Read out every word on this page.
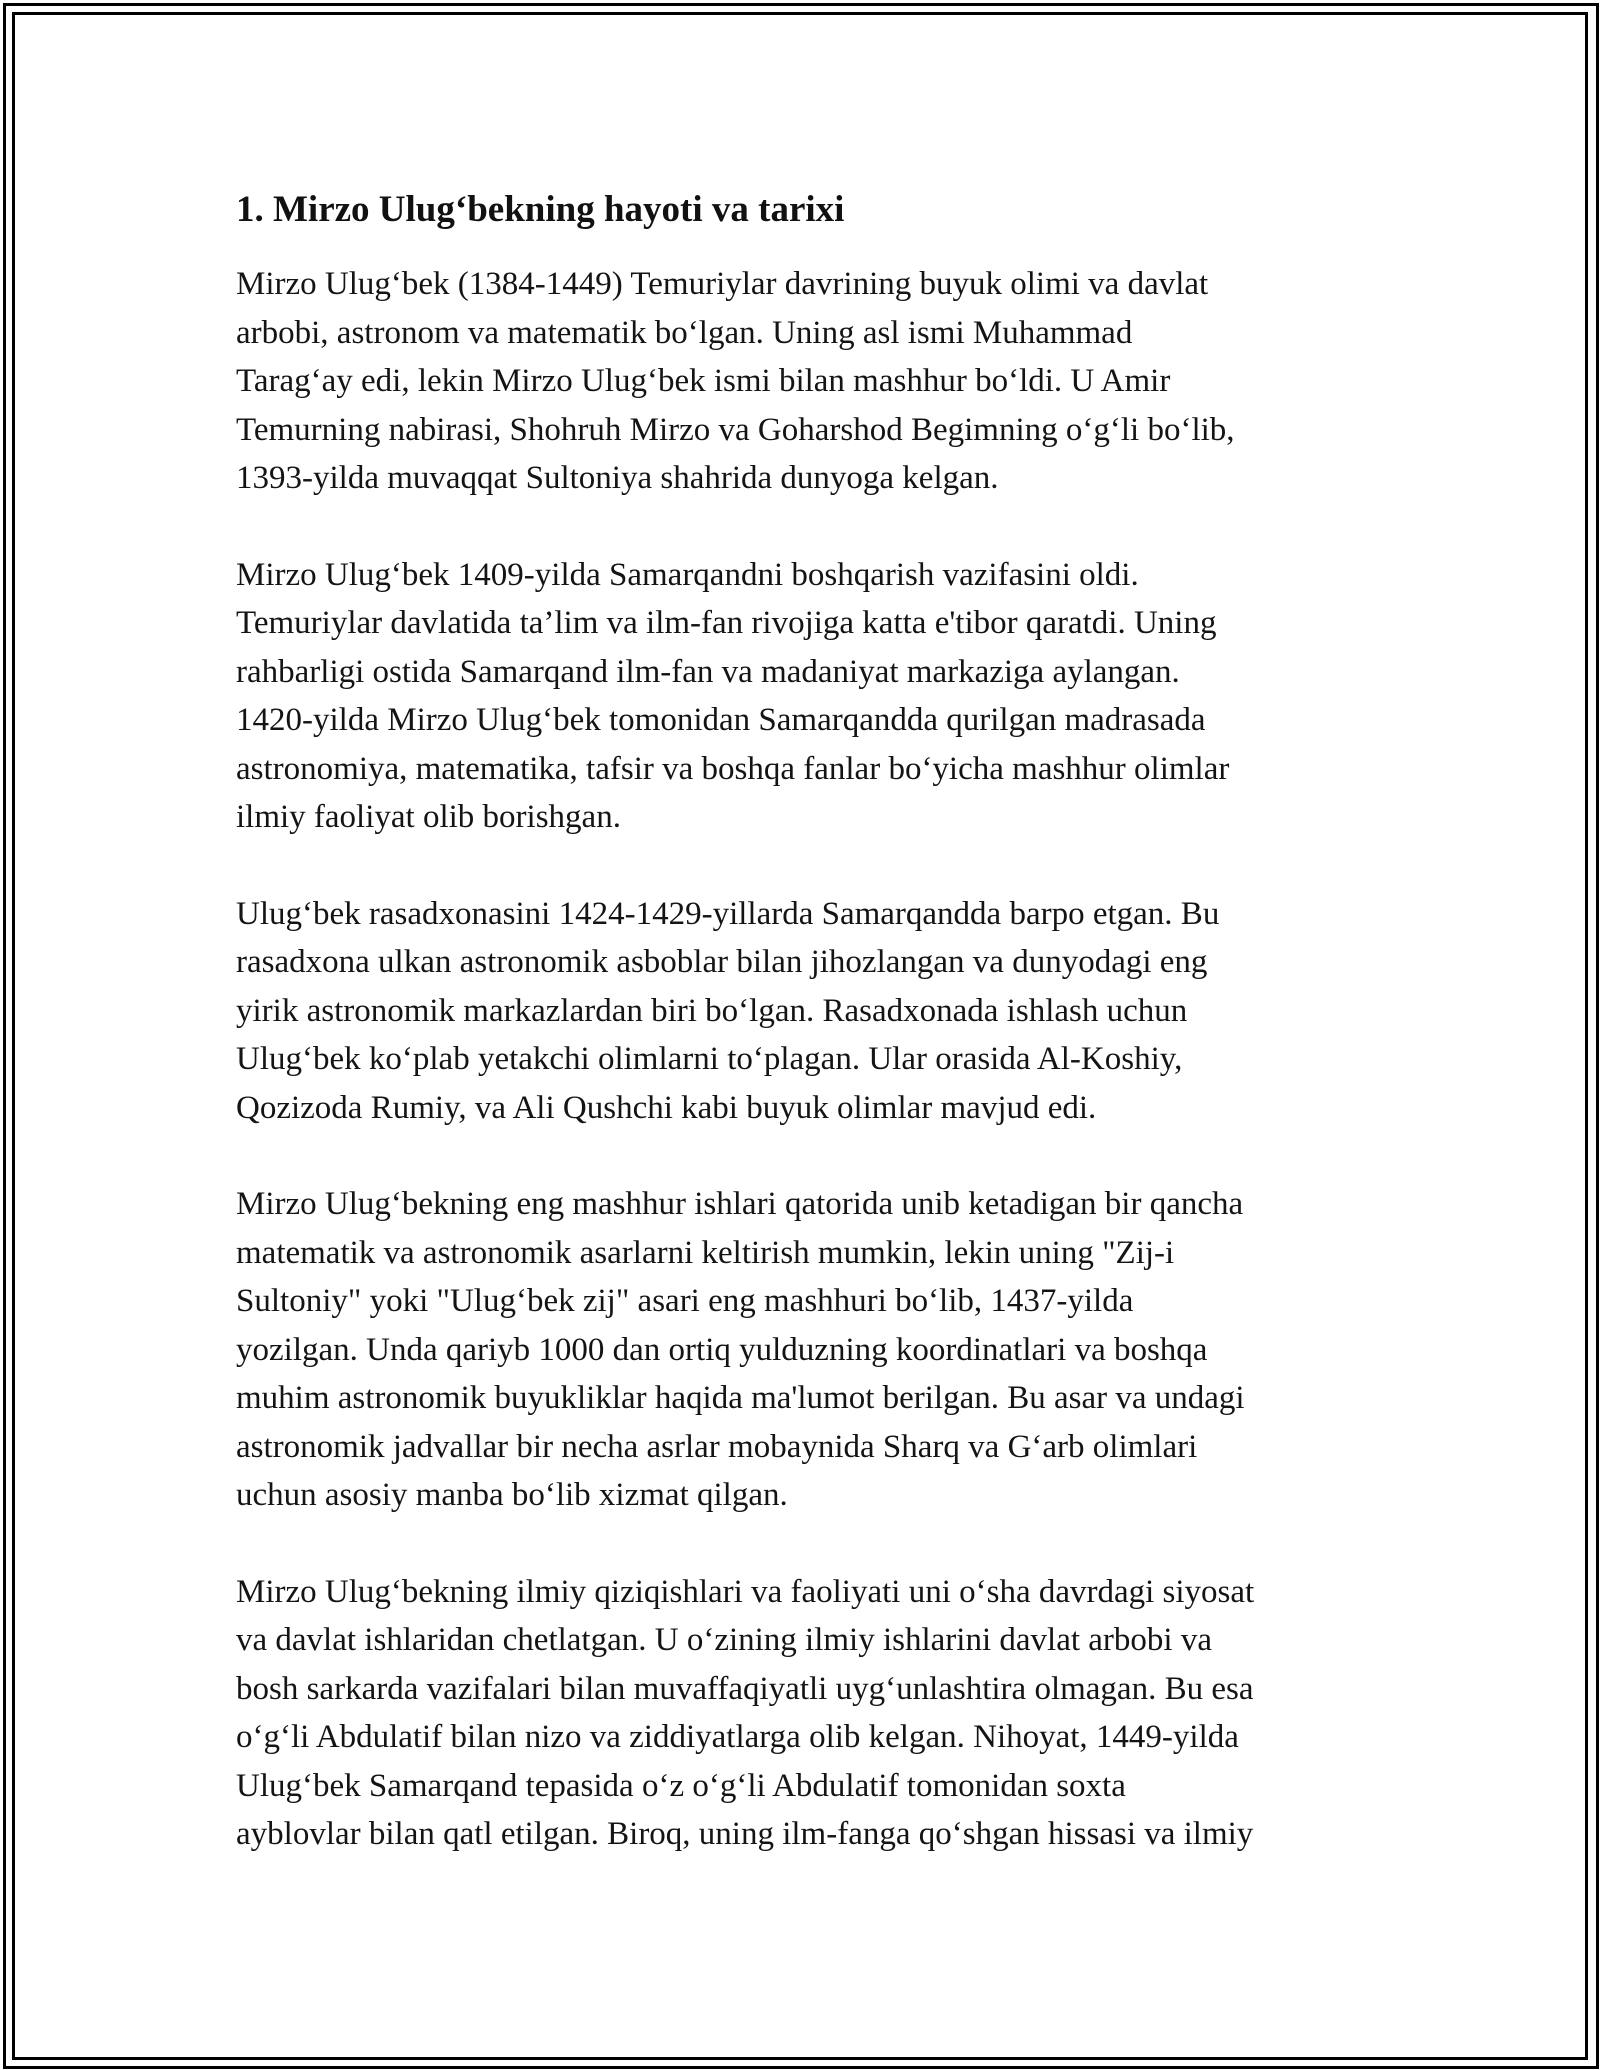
1. Mirzo Ulug‘bekning hayoti va tarixi
Mirzo Ulug‘bek (1384-1449) Temuriylar davrining buyuk olimi va davlat
arbobi, astronom va matematik bo‘lgan. Uning asl ismi Muhammad
Tarag‘ay edi, lekin Mirzo Ulug‘bek ismi bilan mashhur bo‘ldi. U Amir
Temurning nabirasi, Shohruh Mirzo va Goharshod Begimning o‘g‘li bo‘lib,
1393-yilda muvaqqat Sultoniya shahrida dunyoga kelgan.
Mirzo Ulug‘bek 1409-yilda Samarqandni boshqarish vazifasini oldi.
Temuriylar davlatida ta’lim va ilm-fan rivojiga katta e'tibor qaratdi. Uning
rahbarligi ostida Samarqand ilm-fan va madaniyat markaziga aylangan.
1420-yilda Mirzo Ulug‘bek tomonidan Samarqandda qurilgan madrasada
astronomiya, matematika, tafsir va boshqa fanlar bo‘yicha mashhur olimlar
ilmiy faoliyat olib borishgan.
Ulug‘bek rasadxonasini 1424-1429-yillarda Samarqandda barpo etgan. Bu
rasadxona ulkan astronomik asboblar bilan jihozlangan va dunyodagi eng
yirik astronomik markazlardan biri bo‘lgan. Rasadxonada ishlash uchun
Ulug‘bek ko‘plab yetakchi olimlarni to‘plagan. Ular orasida Al-Koshiy,
Qozizoda Rumiy, va Ali Qushchi kabi buyuk olimlar mavjud edi.
Mirzo Ulug‘bekning eng mashhur ishlari qatorida unib ketadigan bir qancha
matematik va astronomik asarlarni keltirish mumkin, lekin uning "Zij-i
Sultoniy" yoki "Ulug‘bek zij" asari eng mashhuri bo‘lib, 1437-yilda
yozilgan. Unda qariyb 1000 dan ortiq yulduzning koordinatlari va boshqa
muhim astronomik buyukliklar haqida ma'lumot berilgan. Bu asar va undagi
astronomik jadvallar bir necha asrlar mobaynida Sharq va G‘arb olimlari
uchun asosiy manba bo‘lib xizmat qilgan.
Mirzo Ulug‘bekning ilmiy qiziqishlari va faoliyati uni o‘sha davrdagi siyosat
va davlat ishlaridan chetlatgan. U o‘zining ilmiy ishlarini davlat arbobi va
bosh sarkarda vazifalari bilan muvaffaqiyatli uyg‘unlashtira olmagan. Bu esa
o‘g‘li Abdulatif bilan nizo va ziddiyatlarga olib kelgan. Nihoyat, 1449-yilda
Ulug‘bek Samarqand tepasida o‘z o‘g‘li Abdulatif tomonidan soxta
ayblovlar bilan qatl etilgan. Biroq, uning ilm-fanga qo‘shgan hissasi va ilmiy
